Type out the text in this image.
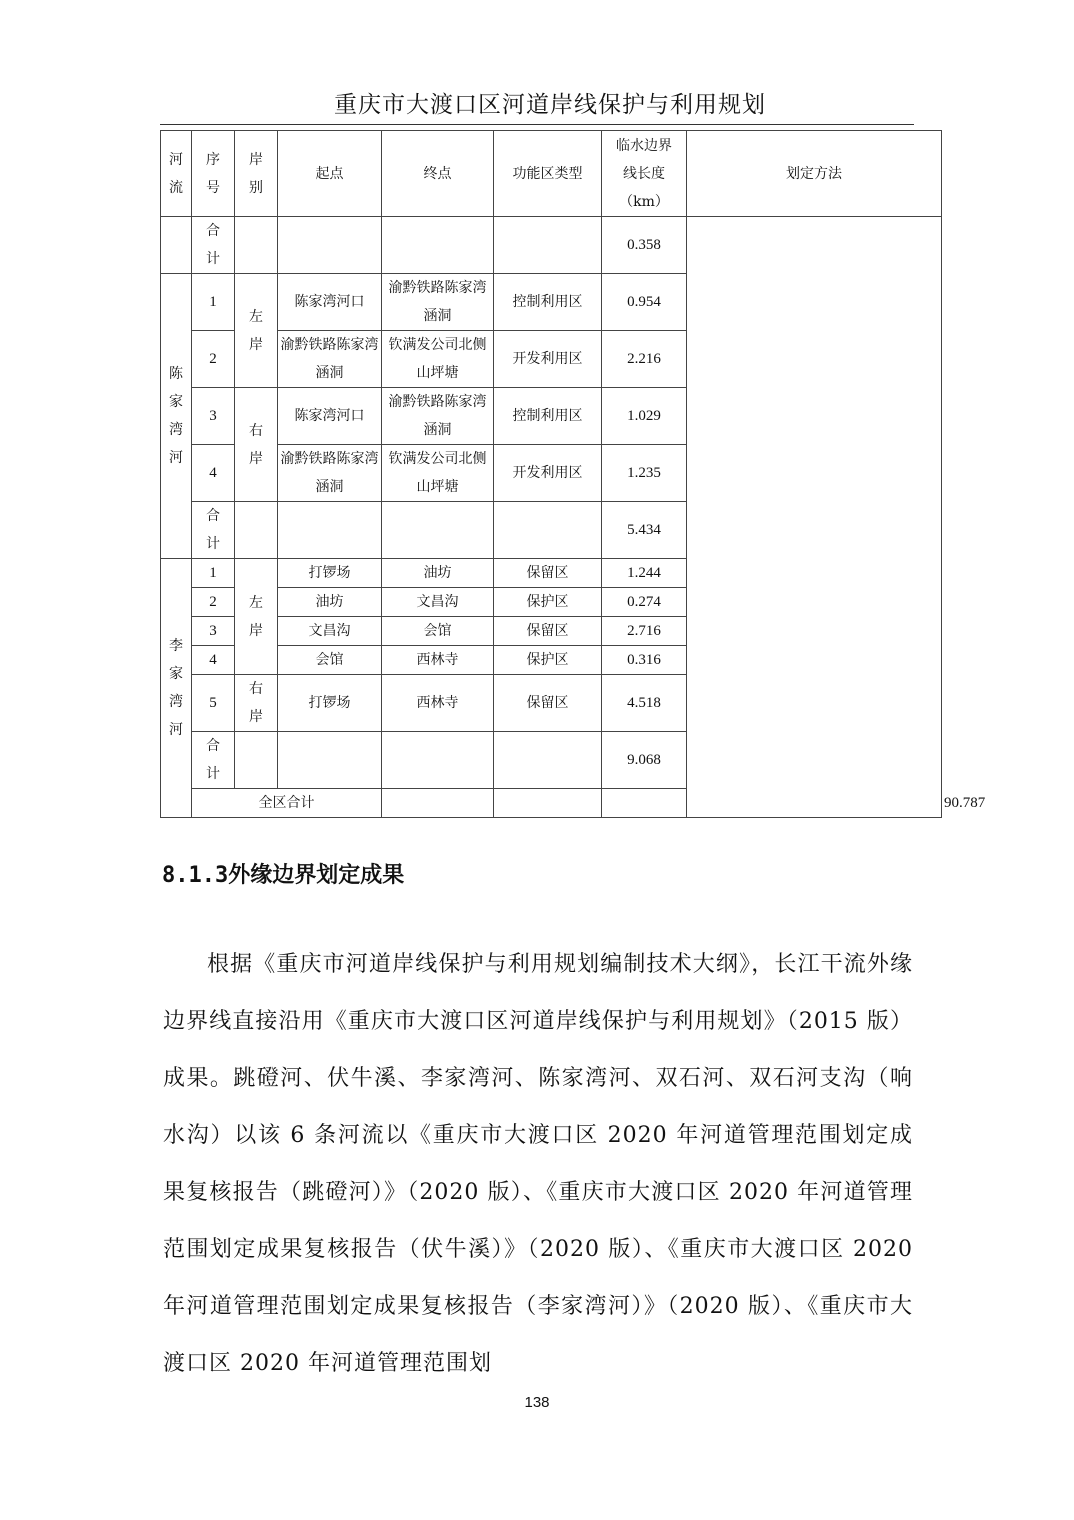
重庆市大渡口区河道岸线保护与利用规划
河流	序号	岸别	起点	终点	功能区类型	临水边界线长度（km）	划定方法	
	合计					0.358		
陈家湾河	1	左岸	陈家湾河口	渝黔铁路陈家湾涵洞	控制利用区	0.954		
	2		渝黔铁路陈家湾涵洞	钦满发公司北侧山坪塘	开发利用区	2.216		
	3	右岸	陈家湾河口	渝黔铁路陈家湾涵洞	控制利用区	1.029		
	4		渝黔铁路陈家湾涵洞	钦满发公司北侧山坪塘	开发利用区	1.235		
	合计					5.434		
李家湾河	1	左岸	打锣场	油坊	保留区	1.244		
	2		油坊	文昌沟	保护区	0.274		
	3		文昌沟	会馆	保留区	2.716		
	4		会馆	西林寺	保护区	0.316		
	5	右岸	打锣场	西林寺	保留区	4.518		
	合计					9.068		
	全区合计							90.787	
8.1.3外缘边界划定成果
根据《重庆市河道岸线保护与利用规划编制技术大纲》，长江干流外缘边界线直接沿用《重庆市大渡口区河道岸线保护与利用规划》（2015 版）成果。跳磴河、伏牛溪、李家湾河、陈家湾河、双石河、双石河支沟（响水沟）以该 6 条河流以《重庆市大渡口区 2020 年河道管理范围划定成果复核报告（跳磴河）》（2020 版）、《重庆市大渡口区 2020 年河道管理范围划定成果复核报告（伏牛溪）》（2020 版）、《重庆市大渡口区 2020 年河道管理范围划定成果复核报告（李家湾河）》（2020 版）、《重庆市大渡口区 2020 年河道管理范围划
138
